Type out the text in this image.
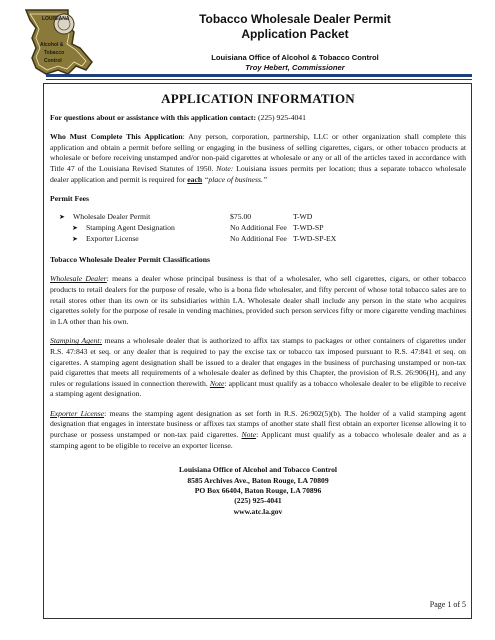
LOUISIANA
Alcohol &
Tobacco
Control
Tobacco Wholesale Dealer Permit
Application Packet
Louisiana Office of Alcohol & Tobacco Control
Troy Hebert, Commissioner
APPLICATION INFORMATION

For questions about or assistance with this application contact: (225) 925-4041

Who Must Complete This Application: Any person, corporation, partnership, LLC or other organization shall complete this application and obtain a permit before selling or engaging in the business of selling cigarettes, cigars, or other tobacco products at wholesale or before receiving unstamped and/or non-paid cigarettes at wholesale or any or all of the articles taxed in accordance with Title 47 of the Louisiana Revised Statutes of 1950. Note: Louisiana issues permits per location; thus a separate tobacco wholesale dealer application and permit is required for each “place of business.”

Permit Fees

➤	Wholesale Dealer Permit	$75.00	T-WD
➤	Stamping Agent Designation	No Additional Fee T-WD-SP
➤	Exporter License	No Additional Fee T-WD-SP-EX

Tobacco Wholesale Dealer Permit Classifications

Wholesale Dealer: means a dealer whose principal business is that of a wholesaler, who sell cigarettes, cigars, or other tobacco products to retail dealers for the purpose of resale, who is a bona fide wholesaler, and fifty percent of whose total tobacco sales are to retail stores other than its own or its subsidiaries within LA. Wholesale dealer shall include any person in the state who acquires cigarettes solely for the purpose of resale in vending machines, provided such person services fifty or more cigarette vending machines in LA other than his own.

Stamping Agent: means a wholesale dealer that is authorized to affix tax stamps to packages or other containers of cigarettes under R.S. 47:843 et seq. or any dealer that is required to pay the excise tax or tobacco tax imposed pursuant to R.S. 47:841 et seq. on cigarettes. A stamping agent designation shall be issued to a dealer that engages in the business of purchasing unstamped or non-tax paid cigarettes that meets all requirements of a wholesale dealer as defined by this Chapter, the provision of R.S. 26:906(H), and any rules or regulations issued in connection therewith. Note: applicant must qualify as a tobacco wholesale dealer to be eligible to receive a stamping agent designation.

Exporter License: means the stamping agent designation as set forth in R.S. 26:902(5)(b). The holder of a valid stamping agent designation that engages in interstate business or affixes tax stamps of another state shall first obtain an exporter license allowing it to purchase or possess unstamped or non-tax paid cigarettes. Note: Applicant must qualify as a tobacco wholesale dealer and as a stamping agent to be eligible to receive an exporter license.

Louisiana Office of Alcohol and Tobacco Control
8585 Archives Ave., Baton Rouge, LA 70809
PO Box 66404, Baton Rouge, LA 70896
(225) 925-4041
www.atc.la.gov
Page 1 of 5
